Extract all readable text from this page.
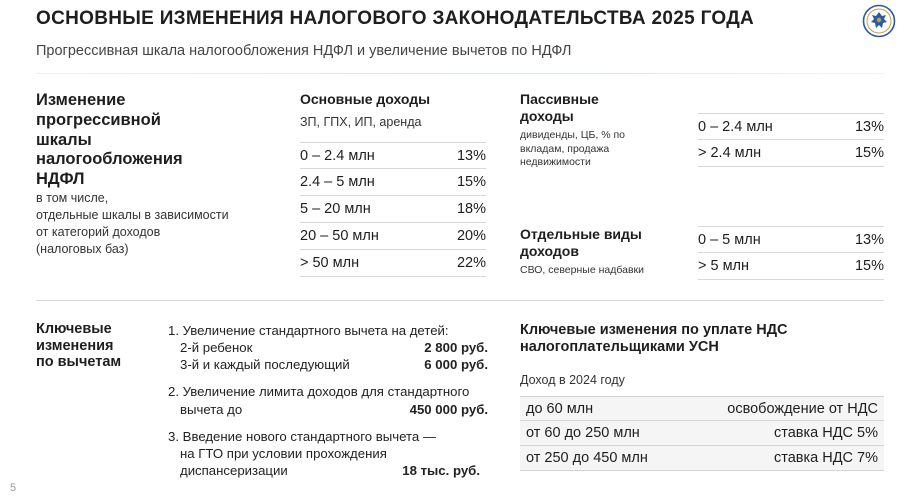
ОСНОВНЫЕ ИЗМЕНЕНИЯ НАЛОГОВОГО ЗАКОНОДАТЕЛЬСТВА 2025 ГОДА
Прогрессивная шкала налогообложения НДФЛ и увеличение вычетов по НДФЛ
Изменение
прогрессивной
шкалы
налогообложения
НДФЛ
в том числе,
отдельные шкалы в зависимости
от категорий доходов
(налоговых баз)
Основные доходы
ЗП, ГПХ, ИП, аренда
0 – 2.4 млн	13%
2.4 – 5 млн	15%
5 – 20 млн	18%
20 – 50 млн	20%
> 50 млн	22%
Пассивные
доходы
дивиденды, ЦБ, % по
вкладам, продажа
недвижимости
0 – 2.4 млн	13%
> 2.4 млн	15%
Отдельные виды
доходов
СВО, северные надбавки
0 – 5 млн	13%
> 5 млн	15%
Ключевые
изменения
по вычетам
1. Увеличение стандартного вычета на детей:
2-й ребенок	2 800 руб.
3-й и каждый последующий	6 000 руб.
2. Увеличение лимита доходов для стандартного
вычета до	450 000 руб.
3. Введение нового стандартного вычета —
на ГТО при условии прохождения
диспансеризации	18 тыс. руб.
Ключевые изменения по уплате НДС
налогоплательщиками УСН
Доход в 2024 году
до 60 млн	освобождение от НДС
от 60 до 250 млн	ставка НДС 5%
от 250 до 450 млн	ставка НДС 7%
5
